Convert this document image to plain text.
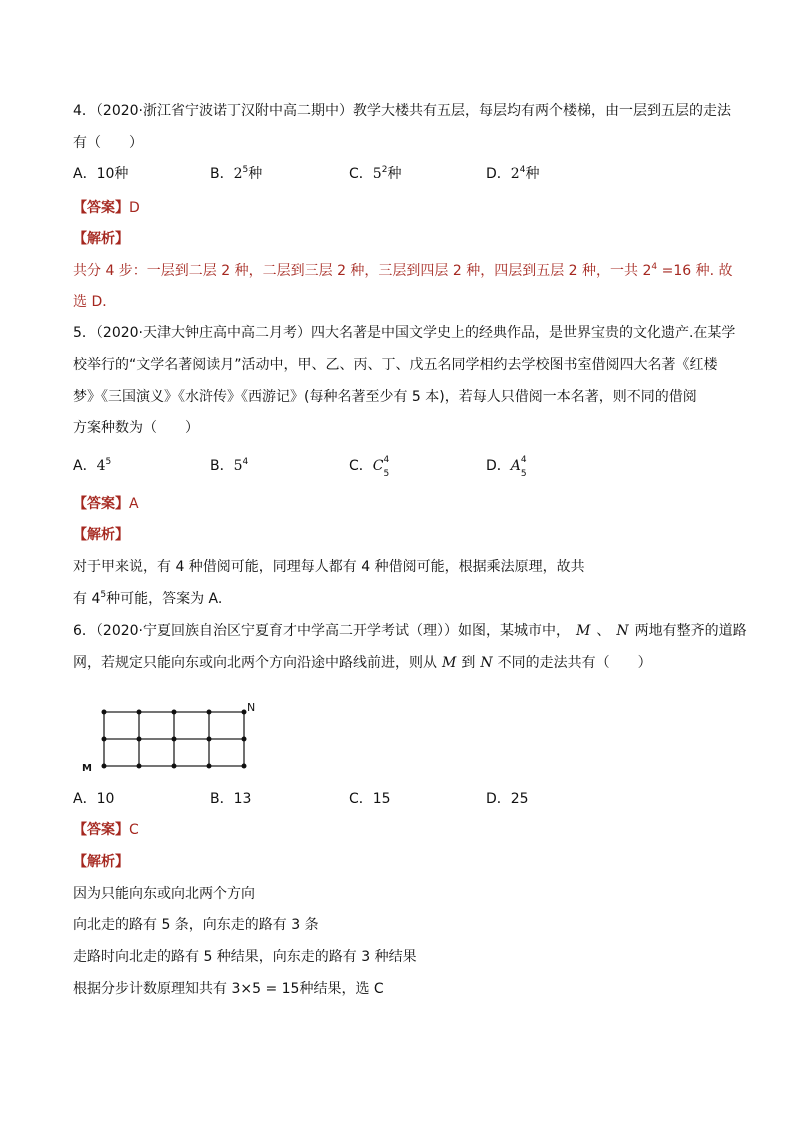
4．（2020·浙江省宁波诺丁汉附中高二期中）教学大楼共有五层，每层均有两个楼梯，由一层到五层的走法
有（　　）
A．10种	B．$2^5$种	C．$5^2$种	D．$2^4$种
【答案】D
【解析】
共分 4 步：一层到二层 2 种，二层到三层 2 种，三层到四层 2 种，四层到五层 2 种，一共 $2^4 =16$ 种. 故
选 D．
5．（2020·天津大钟庄高中高二月考）四大名著是中国文学史上的经典作品，是世界宝贵的文化遗产.在某学
校举行的“文学名著阅读月”活动中，甲、乙、丙、丁、戊五名同学相约去学校图书室借阅四大名著《红楼
梦》《三国演义》《水浒传》《西游记》(每种名著至少有 5 本)，若每人只借阅一本名著，则不同的借阅
方案种数为（　　）
A．$4^5$	B．$5^4$	C．C 4
5	D．A 4
5
【答案】A
【解析】
对于甲来说，有 4 种借阅可能，同理每人都有 4 种借阅可能，根据乘法原理，故共
有 $4^5$种可能，答案为 A.
6．（2020·宁夏回族自治区宁夏育才中学高二开学考试（理））如图，某城市中， M 、 N 两地有整齐的道路
网，若规定只能向东或向北两个方向沿途中路线前进，则从 M 到 N 不同的走法共有（　　）
N
M
A．10	B．13	C．15	D．25
【答案】C
【解析】
因为只能向东或向北两个方向
向北走的路有 5 条，向东走的路有 3 条
走路时向北走的路有 5 种结果，向东走的路有 3 种结果
根据分步计数原理知共有 3×5 = 15种结果，选 C
